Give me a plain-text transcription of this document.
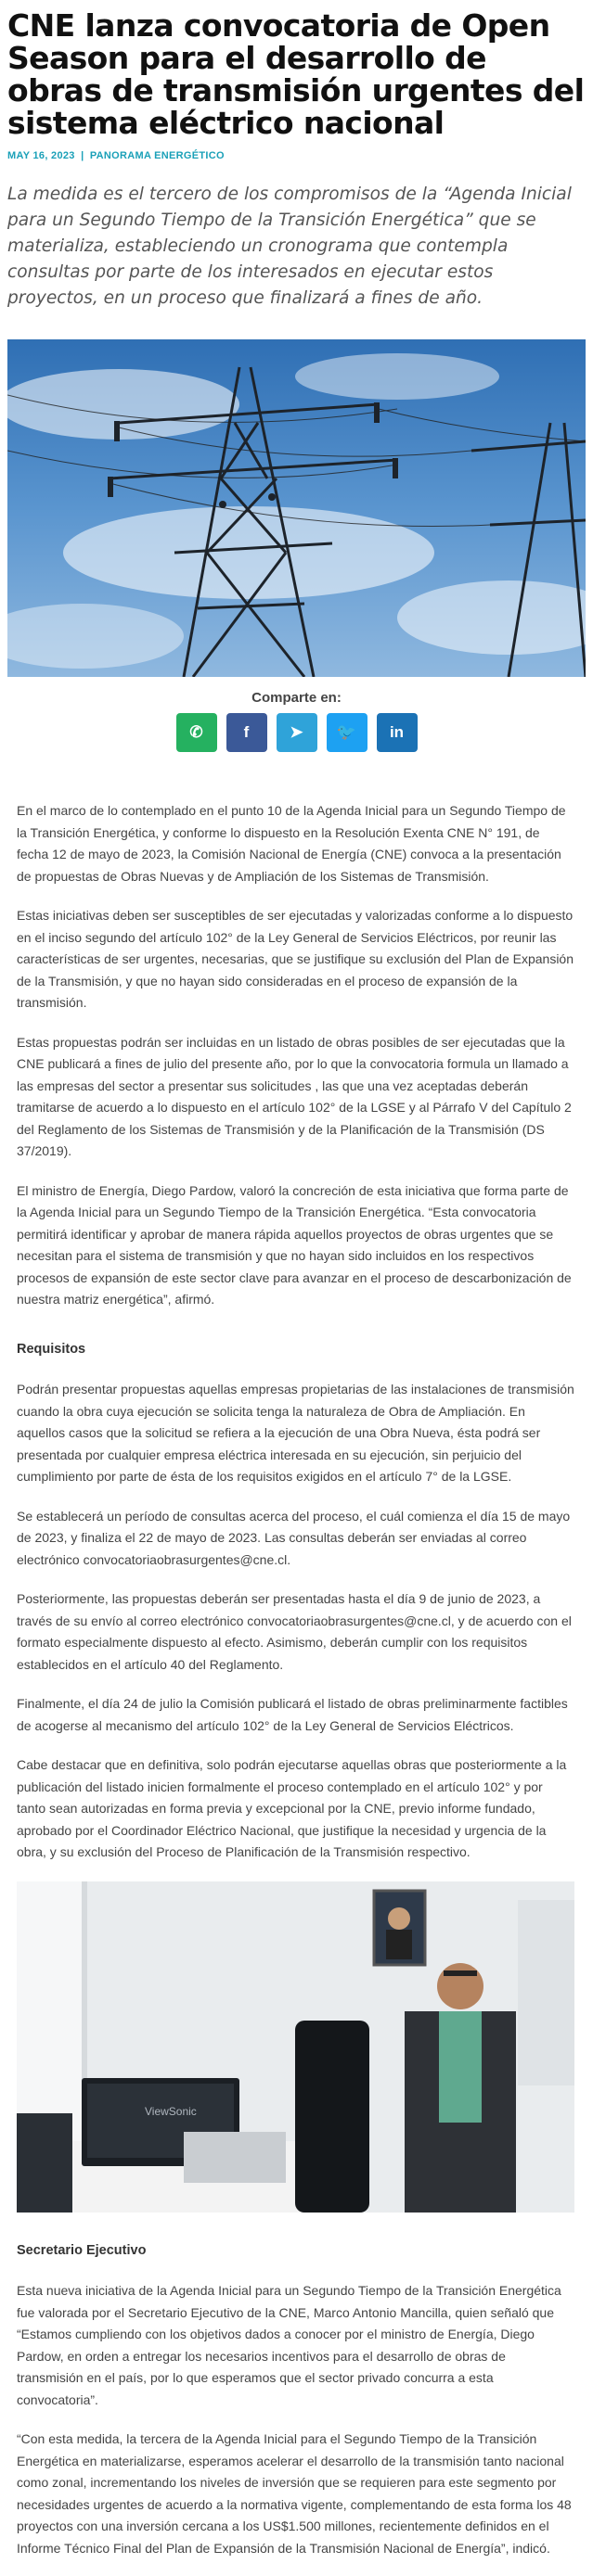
CNE lanza convocatoria de Open Season para el desarrollo de obras de transmisión urgentes del sistema eléctrico nacional
MAY 16, 2023 | PANORAMA ENERGÉTICO

La medida es el tercero de los compromisos de la “Agenda Inicial para un Segundo Tiempo de la Transición Energética” que se materializa, estableciendo un cronograma que contempla consultas por parte de los interesados en ejecutar estos proyectos, en un proceso que finalizará a fines de año.

Comparte en:
✆	f	➤ 🐦 in

En el marco de lo contemplado en el punto 10 de la Agenda Inicial para un Segundo Tiempo de la Transición Energética, y conforme lo dispuesto en la Resolución Exenta CNE N° 191, de fecha 12 de mayo de 2023, la Comisión Nacional de Energía (CNE) convoca a la presentación de propuestas de Obras Nuevas y de Ampliación de los Sistemas de Transmisión.

Estas iniciativas deben ser susceptibles de ser ejecutadas y valorizadas conforme a lo dispuesto en el inciso segundo del artículo 102° de la Ley General de Servicios Eléctricos, por reunir las características de ser urgentes, necesarias, que se justifique su exclusión del Plan de Expansión de la Transmisión, y que no hayan sido consideradas en el proceso de expansión de la transmisión.

Estas propuestas podrán ser incluidas en un listado de obras posibles de ser ejecutadas que la CNE publicará a fines de julio del presente año, por lo que la convocatoria formula un llamado a las empresas del sector a presentar sus solicitudes , las que una vez aceptadas deberán tramitarse de acuerdo a lo dispuesto en el artículo 102° de la LGSE y al Párrafo V del Capítulo 2 del Reglamento de los Sistemas de Transmisión y de la Planificación de la Transmisión (DS 37/2019).

El ministro de Energía, Diego Pardow, valoró la concreción de esta iniciativa que forma parte de la Agenda Inicial para un Segundo Tiempo de la Transición Energética. “Esta convocatoria permitirá identificar y aprobar de manera rápida aquellos proyectos de obras urgentes que se necesitan para el sistema de transmisión y que no hayan sido incluidos en los respectivos procesos de expansión de este sector clave para avanzar en el proceso de descarbonización de nuestra matriz energética”, afirmó.

Requisitos

Podrán presentar propuestas aquellas empresas propietarias de las instalaciones de transmisión cuando la obra cuya ejecución se solicita tenga la naturaleza de Obra de Ampliación. En aquellos casos que la solicitud se refiera a la ejecución de una Obra Nueva, ésta podrá ser presentada por cualquier empresa eléctrica interesada en su ejecución, sin perjuicio del cumplimiento por parte de ésta de los requisitos exigidos en el artículo 7° de la LGSE.

Se establecerá un período de consultas acerca del proceso, el cuál comienza el día 15 de mayo de 2023, y finaliza el 22 de mayo de 2023. Las consultas deberán ser enviadas al correo electrónico convocatoriaobrasurgentes@cne.cl.

Posteriormente, las propuestas deberán ser presentadas hasta el día 9 de junio de 2023, a través de su envío al correo electrónico convocatoriaobrasurgentes@cne.cl, y de acuerdo con el formato especialmente dispuesto al efecto. Asimismo, deberán cumplir con los requisitos establecidos en el artículo 40 del Reglamento.

Finalmente, el día 24 de julio la Comisión publicará el listado de obras preliminarmente factibles de acogerse al mecanismo del artículo 102° de la Ley General de Servicios Eléctricos.

Cabe destacar que en definitiva, solo podrán ejecutarse aquellas obras que posteriormente a la publicación del listado inicien formalmente el proceso contemplado en el artículo 102° y por tanto sean autorizadas en forma previa y excepcional por la CNE, previo informe fundado, aprobado por el Coordinador Eléctrico Nacional, que justifique la necesidad y urgencia de la obra, y su exclusión del Proceso de Planificación de la Transmisión respectivo.

ViewSonic
Secretario Ejecutivo

Esta nueva iniciativa de la Agenda Inicial para un Segundo Tiempo de la Transición Energética fue valorada por el Secretario Ejecutivo de la CNE, Marco Antonio Mancilla, quien señaló que “Estamos cumpliendo con los objetivos dados a conocer por el ministro de Energía, Diego Pardow, en orden a entregar los necesarios incentivos para el desarrollo de obras de transmisión en el país, por lo que esperamos que el sector privado concurra a esta convocatoria”.

“Con esta medida, la tercera de la Agenda Inicial para el Segundo Tiempo de la Transición Energética en materializarse, esperamos acelerar el desarrollo de la transmisión tanto nacional como zonal, incrementando los niveles de inversión que se requieren para este segmento por necesidades urgentes de acuerdo a la normativa vigente, complementando de esta forma los 48 proyectos con una inversión cercana a los US$1.500 millones, recientemente definidos en el Informe Técnico Final del Plan de Expansión de la Transmisión Nacional de Energía”, indicó.
